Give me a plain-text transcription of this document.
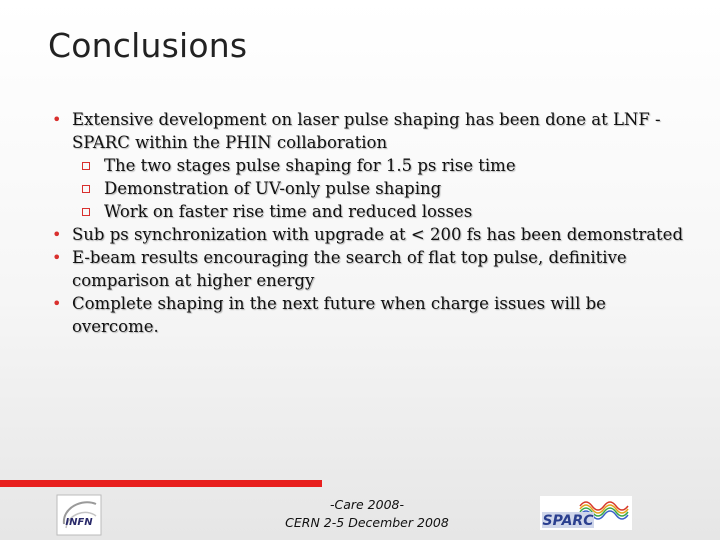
Conclusions
• Extensive development on laser pulse shaping has been done at LNF -SPARC within the PHIN collaboration
The two stages pulse shaping for 1.5 ps rise time
Demonstration of UV-only pulse shaping
Work on faster rise time and reduced losses
• Sub ps synchronization with upgrade at < 200 fs has been demonstrated
• E-beam results encouraging the search of flat top pulse, definitive comparison at higher energy
• Complete shaping in the next future when charge issues will be overcome.
INFN
-Care 2008-
CERN 2-5 December 2008	SPARC
